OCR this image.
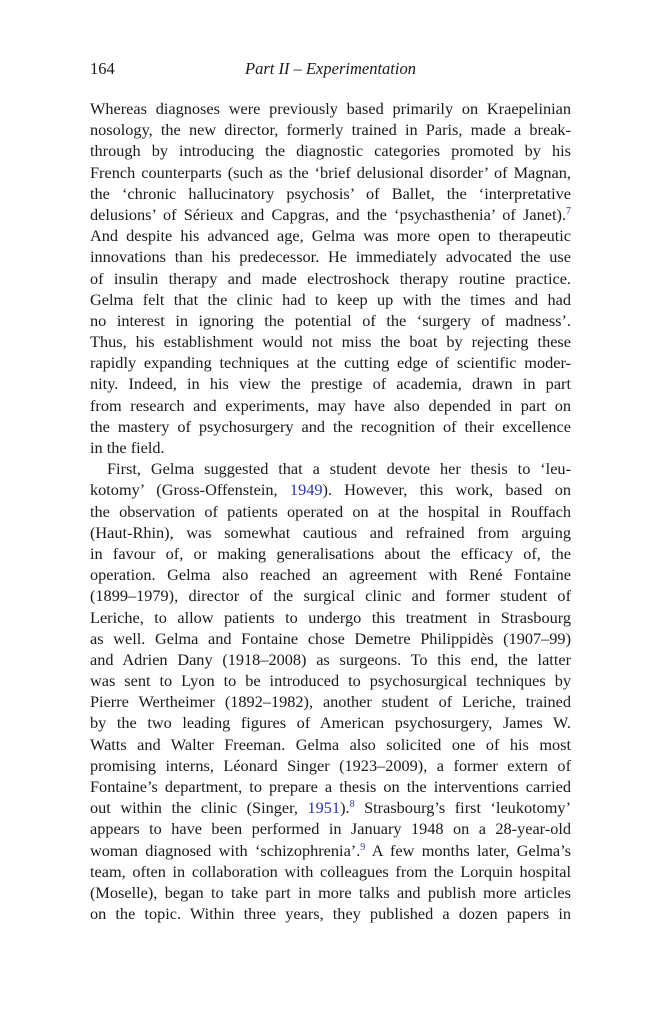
164	Part II – Experimentation
Whereas diagnoses were previously based primarily on Kraepelinian
nosology, the new director, formerly trained in Paris, made a break-
through by introducing the diagnostic categories promoted by his
French counterparts (such as the ‘brief delusional disorder’ of Magnan,
the ‘chronic hallucinatory psychosis’ of Ballet, the ‘interpretative
delusions’ of Sérieux and Capgras, and the ‘psychasthenia’ of Janet).$^7$
And despite his advanced age, Gelma was more open to therapeutic
innovations than his predecessor. He immediately advocated the use
of insulin therapy and made electroshock therapy routine practice.
Gelma felt that the clinic had to keep up with the times and had
no interest in ignoring the potential of the ‘surgery of madness’.
Thus, his establishment would not miss the boat by rejecting these
rapidly expanding techniques at the cutting edge of scientific moder-
nity. Indeed, in his view the prestige of academia, drawn in part
from research and experiments, may have also depended in part on
the mastery of psychosurgery and the recognition of their excellence
in the field.
First, Gelma suggested that a student devote her thesis to ‘leu-
kotomy’ (Gross-Offenstein, 1949). However, this work, based on
the observation of patients operated on at the hospital in Rouffach
(Haut-Rhin), was somewhat cautious and refrained from arguing
in favour of, or making generalisations about the efficacy of, the
operation. Gelma also reached an agreement with René Fontaine
(1899–1979), director of the surgical clinic and former student of
Leriche, to allow patients to undergo this treatment in Strasbourg
as well. Gelma and Fontaine chose Demetre Philippidès (1907–99)
and Adrien Dany (1918–2008) as surgeons. To this end, the latter
was sent to Lyon to be introduced to psychosurgical techniques by
Pierre Wertheimer (1892–1982), another student of Leriche, trained
by the two leading figures of American psychosurgery, James W.
Watts and Walter Freeman. Gelma also solicited one of his most
promising interns, Léonard Singer (1923–2009), a former extern of
Fontaine’s department, to prepare a thesis on the interventions carried
out within the clinic (Singer, 1951).$^8$ Strasbourg’s first ‘leukotomy’
appears to have been performed in January 1948 on a 28-year-old
woman diagnosed with ‘schizophrenia’.$^9$ A few months later, Gelma’s
team, often in collaboration with colleagues from the Lorquin hospital
(Moselle), began to take part in more talks and publish more articles
on the topic. Within three years, they published a dozen papers in
